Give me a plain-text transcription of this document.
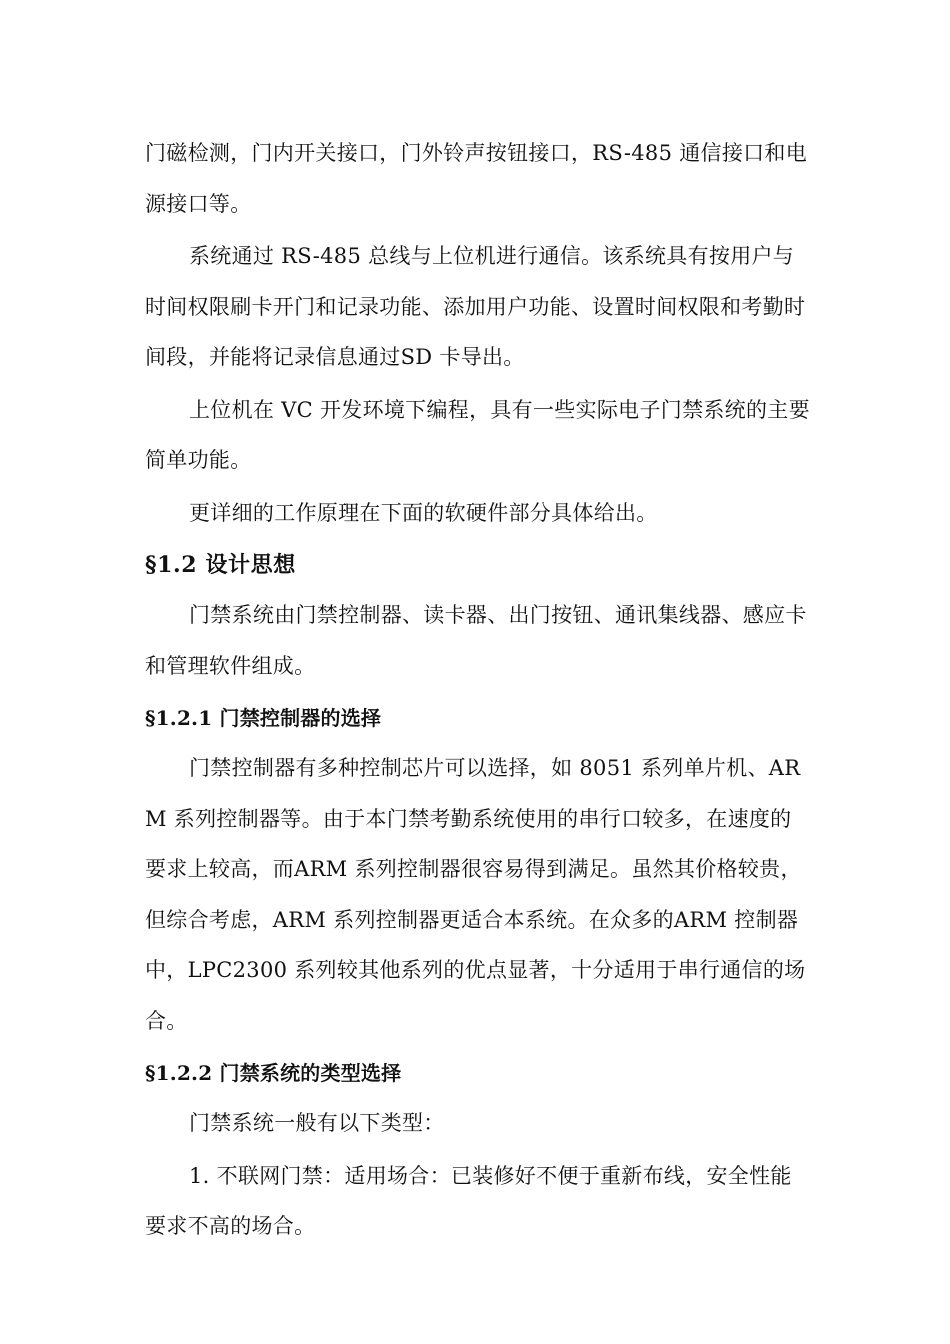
门磁检测，门内开关接口，门外铃声按钮接口，RS-485 通信接口和电源接口等。

系统通过 RS-485 总线与上位机进行通信。该系统具有按用户与时间权限刷卡开门和记录功能、添加用户功能、设置时间权限和考勤时间段，并能将记录信息通过SD 卡导出。

上位机在 VC 开发环境下编程，具有一些实际电子门禁系统的主要简单功能。

更详细的工作原理在下面的软硬件部分具体给出。

§1.2 设计思想

门禁系统由门禁控制器、读卡器、出门按钮、通讯集线器、感应卡和管理软件组成。

§1.2.1 门禁控制器的选择

门禁控制器有多种控制芯片可以选择，如 8051 系列单片机、ARM 系列控制器等。由于本门禁考勤系统使用的串行口较多，在速度的要求上较高，而ARM 系列控制器很容易得到满足。虽然其价格较贵，但综合考虑，ARM 系列控制器更适合本系统。在众多的ARM 控制器中，LPC2300 系列较其他系列的优点显著，十分适用于串行通信的场合。

§1.2.2 门禁系统的类型选择

门禁系统一般有以下类型：

1. 不联网门禁：适用场合：已装修好不便于重新布线，安全性能要求不高的场合。
